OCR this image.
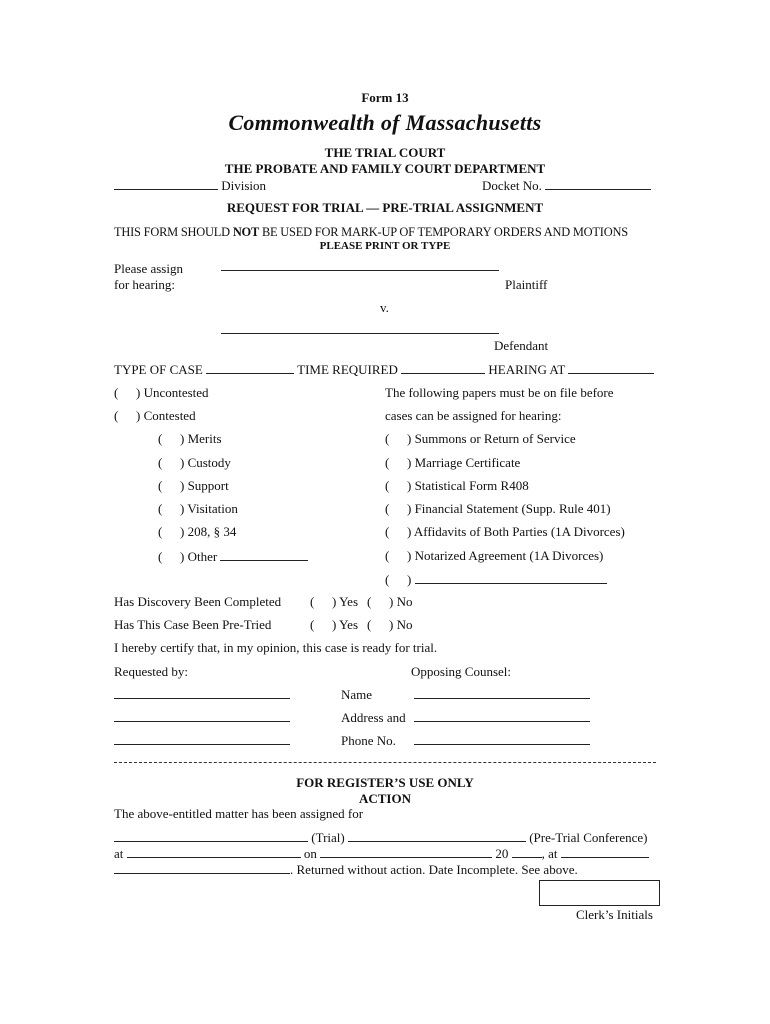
Form 13
Commonwealth of Massachusetts
THE TRIAL COURT
THE PROBATE AND FAMILY COURT DEPARTMENT
Division	Docket No.
REQUEST FOR TRIAL — PRE-TRIAL ASSIGNMENT
THIS FORM SHOULD NOT BE USED FOR MARK-UP OF TEMPORARY ORDERS AND MOTIONS
PLEASE PRINT OR TYPE
Please assign
for hearing:	Plaintiff
v.
Defendant
TYPE OF CASE	TIME REQUIRED	HEARING AT
( ) Uncontested
( ) Contested
( ) Merits
( ) Custody
( ) Support
( ) Visitation
( ) 208, § 34
( ) Other
The following papers must be on file before
cases can be assigned for hearing:
( ) Summons or Return of Service
( ) Marriage Certificate
( ) Statistical Form R408
( ) Financial Statement (Supp. Rule 401)
( ) Affidavits of Both Parties (1A Divorces)
( ) Notarized Agreement (1A Divorces)
( )
Has Discovery Been Completed ( ) Yes ( ) No
Has This Case Been Pre-Tried	( ) Yes ( ) No
I hereby certify that, in my opinion, this case is ready for trial.
Requested by:	Opposing Counsel:
Name
Address and
Phone No.
FOR REGISTER’S USE ONLY
ACTION
The above-entitled matter has been assigned for
(Trial)	(Pre-Trial Conference)
at	on	20	, at
. Returned without action. Date Incomplete. See above.
Clerk’s Initials
